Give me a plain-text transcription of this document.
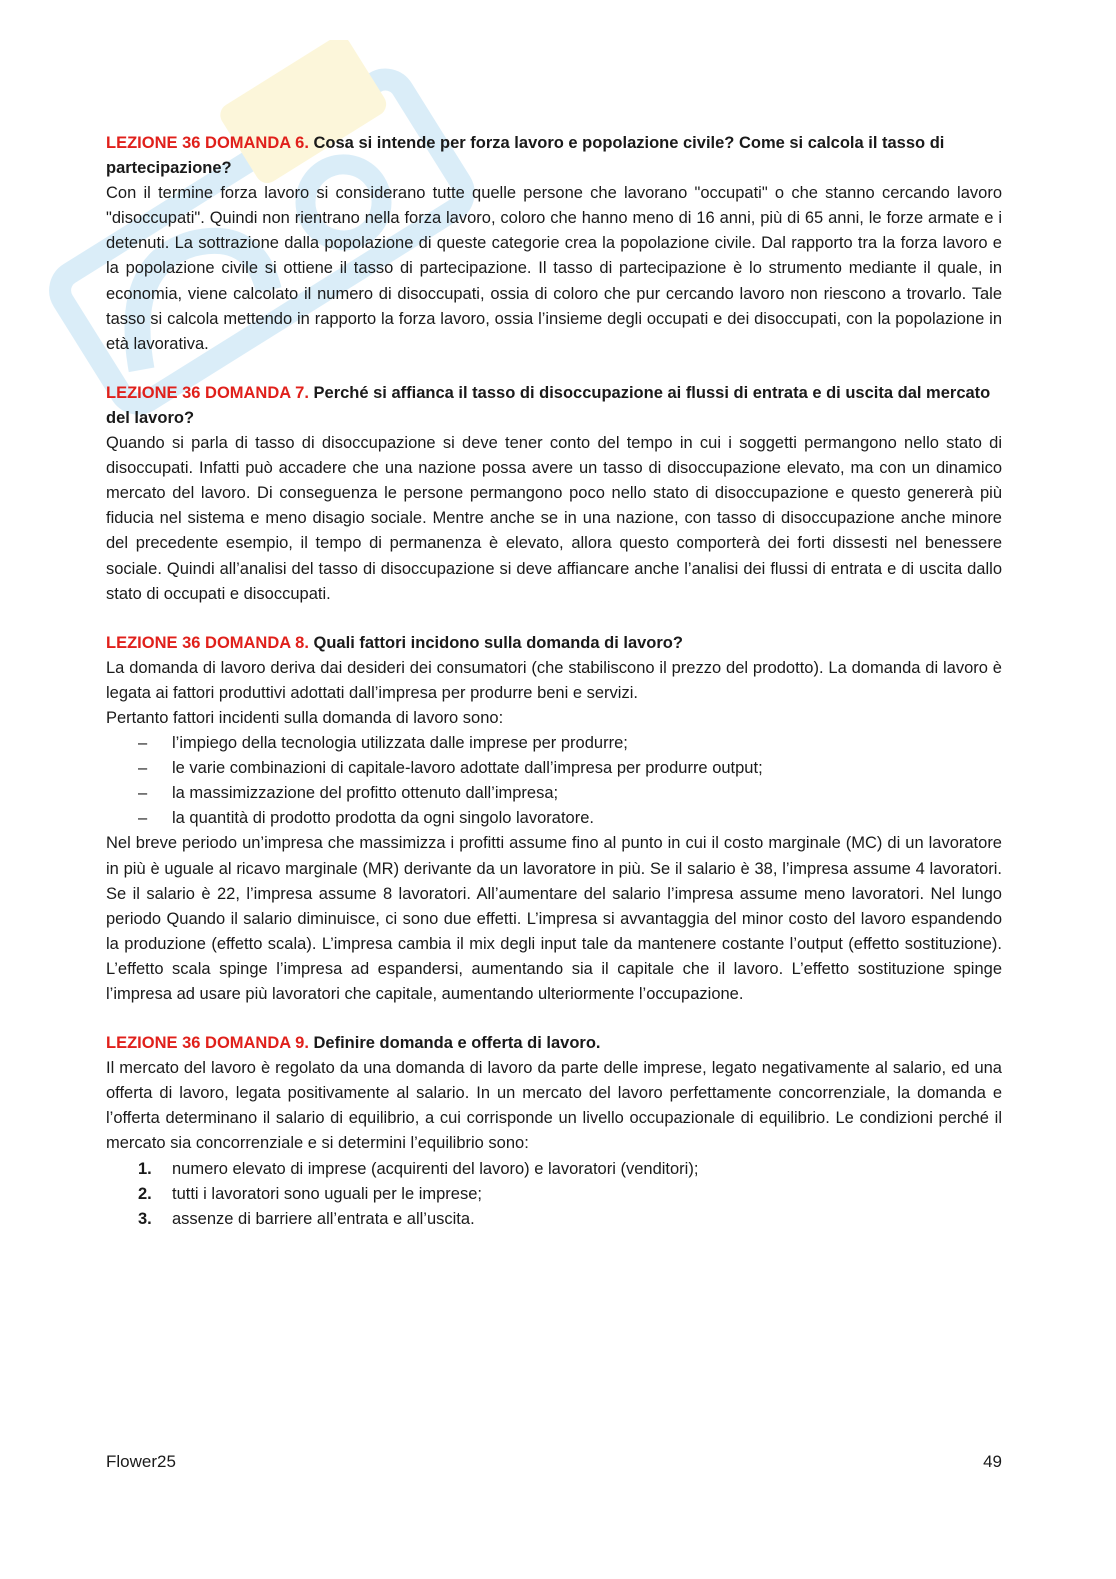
LEZIONE 36 DOMANDA 6. Cosa si intende per forza lavoro e popolazione civile? Come si calcola il tasso di partecipazione?

Con il termine forza lavoro si considerano tutte quelle persone che lavorano "occupati" o che stanno cercando lavoro "disoccupati". Quindi non rientrano nella forza lavoro, coloro che hanno meno di 16 anni, più di 65 anni, le forze armate e i detenuti. La sottrazione dalla popolazione di queste categorie crea la popolazione civile. Dal rapporto tra la forza lavoro e la popolazione civile si ottiene il tasso di partecipazione. Il tasso di partecipazione è lo strumento mediante il quale, in economia, viene calcolato il numero di disoccupati, ossia di coloro che pur cercando lavoro non riescono a trovarlo. Tale tasso si calcola mettendo in rapporto la forza lavoro, ossia l’insieme degli occupati e dei disoccupati, con la popolazione in età lavorativa.

LEZIONE 36 DOMANDA 7. Perché si affianca il tasso di disoccupazione ai flussi di entrata e di uscita dal mercato del lavoro?

Quando si parla di tasso di disoccupazione si deve tener conto del tempo in cui i soggetti permangono nello stato di disoccupati. Infatti può accadere che una nazione possa avere un tasso di disoccupazione elevato, ma con un dinamico mercato del lavoro. Di conseguenza le persone permangono poco nello stato di disoccupazione e questo genererà più fiducia nel sistema e meno disagio sociale. Mentre anche se in una nazione, con tasso di disoccupazione anche minore del precedente esempio, il tempo di permanenza è elevato, allora questo comporterà dei forti dissesti nel benessere sociale. Quindi all’analisi del tasso di disoccupazione si deve affiancare anche l’analisi dei flussi di entrata e di uscita dallo stato di occupati e disoccupati.

LEZIONE 36 DOMANDA 8. Quali fattori incidono sulla domanda di lavoro?

La domanda di lavoro deriva dai desideri dei consumatori (che stabiliscono il prezzo del prodotto). La domanda di lavoro è legata ai fattori produttivi adottati dall’impresa per produrre beni e servizi.

Pertanto fattori incidenti sulla domanda di lavoro sono:

– l’impiego della tecnologia utilizzata dalle imprese per produrre;
– le varie combinazioni di capitale-lavoro adottate dall’impresa per produrre output;
– la massimizzazione del profitto ottenuto dall’impresa;
– la quantità di prodotto prodotta da ogni singolo lavoratore.

Nel breve periodo un’impresa che massimizza i profitti assume fino al punto in cui il costo marginale (MC) di un lavoratore in più è uguale al ricavo marginale (MR) derivante da un lavoratore in più. Se il salario è 38, l’impresa assume 4 lavoratori. Se il salario è 22, l’impresa assume 8 lavoratori. All’aumentare del salario l’impresa assume meno lavoratori. Nel lungo periodo Quando il salario diminuisce, ci sono due effetti. L’impresa si avvantaggia del minor costo del lavoro espandendo la produzione (effetto scala). L’impresa cambia il mix degli input tale da mantenere costante l’output (effetto sostituzione). L’effetto scala spinge l’impresa ad espandersi, aumentando sia il capitale che il lavoro. L’effetto sostituzione spinge l’impresa ad usare più lavoratori che capitale, aumentando ulteriormente l’occupazione.

LEZIONE 36 DOMANDA 9. Definire domanda e offerta di lavoro.

Il mercato del lavoro è regolato da una domanda di lavoro da parte delle imprese, legato negativamente al salario, ed una offerta di lavoro, legata positivamente al salario. In un mercato del lavoro perfettamente concorrenziale, la domanda e l’offerta determinano il salario di equilibrio, a cui corrisponde un livello occupazionale di equilibrio. Le condizioni perché il mercato sia concorrenziale e si determini l’equilibrio sono:

1. numero elevato di imprese (acquirenti del lavoro) e lavoratori (venditori);
2. tutti i lavoratori sono uguali per le imprese;
3. assenze di barriere all’entrata e all’uscita.
Flower25	49
